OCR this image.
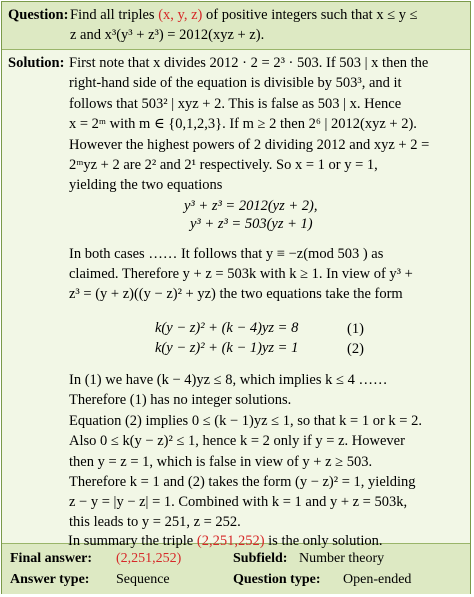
Question: Find all triples (x, y, z) of positive integers such that x ≤ y ≤
z and x³(y³ + z³) = 2012(xyz + z).
Solution: First note that x divides 2012 · 2 = 2³ · 503. If 503 | x then the
right-hand side of the equation is divisible by 503³, and it
follows that 503² | xyz + 2. This is false as 503 | x. Hence
x = 2ᵐ with m ∈ {0,1,2,3}. If m ≥ 2 then 2⁶ | 2012(xyz + 2).
However the highest powers of 2 dividing 2012 and xyz + 2 =
2ᵐyz + 2 are 2² and 2¹ respectively. So x = 1 or y = 1,
yielding the two equations
y³ + z³ = 2012(yz + 2),
y³ + z³ = 503(yz + 1)
In both cases …… It follows that y ≡ −z(mod 503 ) as
claimed. Therefore y + z = 503k with k ≥ 1. In view of y³ +
z³ = (y + z)((y − z)² + yz) the two equations take the form
k(y − z)² + (k − 4)yz = 8	(1)
k(y − z)² + (k − 1)yz = 1	(2)
In (1) we have (k − 4)yz ≤ 8, which implies k ≤ 4 ……
Therefore (1) has no integer solutions.
Equation (2) implies 0 ≤ (k − 1)yz ≤ 1, so that k = 1 or k = 2.
Also 0 ≤ k(y − z)² ≤ 1, hence k = 2 only if y = z. However
then y = z = 1, which is false in view of y + z ≥ 503.
Therefore k = 1 and (2) takes the form (y − z)² = 1, yielding
z − y = |y − z| = 1. Combined with k = 1 and y + z = 503k,
this leads to y = 251, z = 252.
Final answer: (2,251,252)	Subfield: Number theory
Answer type: Sequence	Question type: Open-ended
In summary the triple (2,251,252) is the only solution.
